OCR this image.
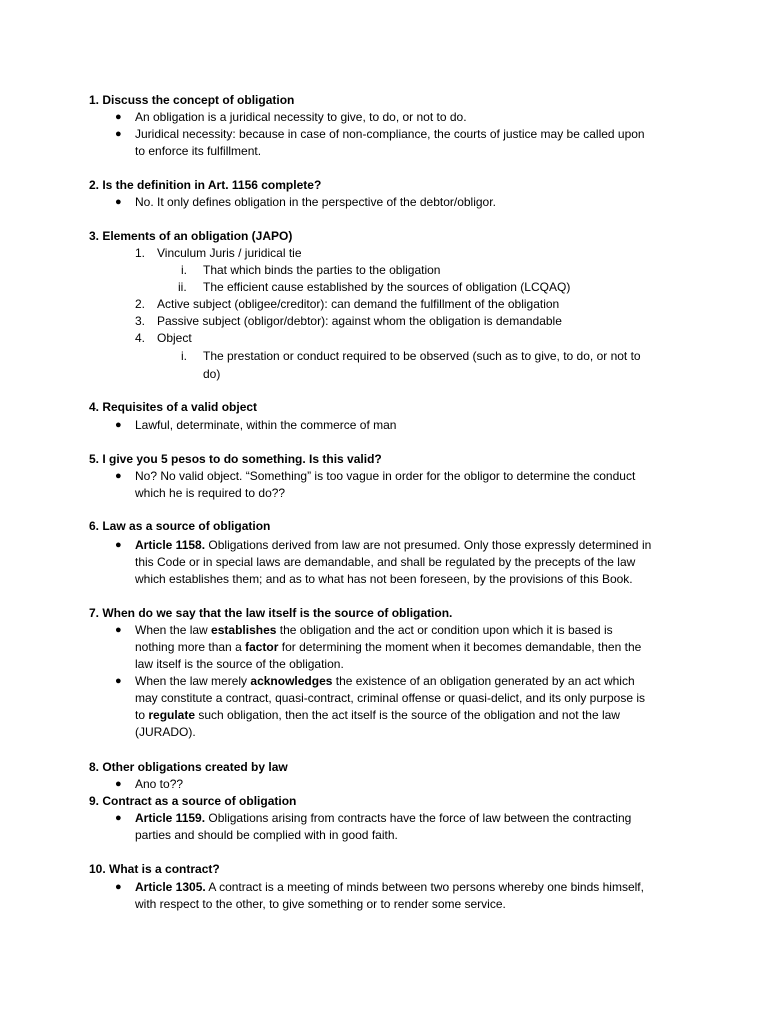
1. Discuss the concept of obligation
● An obligation is a juridical necessity to give, to do, or not to do.
● Juridical necessity: because in case of non-compliance, the courts of justice may be called upon
to enforce its fulfillment.
2. Is the definition in Art. 1156 complete?
● No. It only defines obligation in the perspective of the debtor/obligor.
3. Elements of an obligation (JAPO)
1. Vinculum Juris / juridical tie
i. That which binds the parties to the obligation
ii. The efficient cause established by the sources of obligation (LCQAQ)
2. Active subject (obligee/creditor): can demand the fulfillment of the obligation
3. Passive subject (obligor/debtor): against whom the obligation is demandable
4. Object
i. The prestation or conduct required to be observed (such as to give, to do, or not to
do)
4. Requisites of a valid object
● Lawful, determinate, within the commerce of man
5. I give you 5 pesos to do something. Is this valid?
● No? No valid object. “Something” is too vague in order for the obligor to determine the conduct
which he is required to do??
6. Law as a source of obligation
● Article 1158. Obligations derived from law are not presumed. Only those expressly determined in
this Code or in special laws are demandable, and shall be regulated by the precepts of the law
which establishes them; and as to what has not been foreseen, by the provisions of this Book.
7. When do we say that the law itself is the source of obligation.
● When the law establishes the obligation and the act or condition upon which it is based is
nothing more than a factor for determining the moment when it becomes demandable, then the
law itself is the source of the obligation.
● When the law merely acknowledges the existence of an obligation generated by an act which
may constitute a contract, quasi-contract, criminal offense or quasi-delict, and its only purpose is
to regulate such obligation, then the act itself is the source of the obligation and not the law
(JURADO).
8. Other obligations created by law
● Ano to??
9. Contract as a source of obligation
● Article 1159. Obligations arising from contracts have the force of law between the contracting
parties and should be complied with in good faith.
10. What is a contract?
● Article 1305. A contract is a meeting of minds between two persons whereby one binds himself,
with respect to the other, to give something or to render some service.
